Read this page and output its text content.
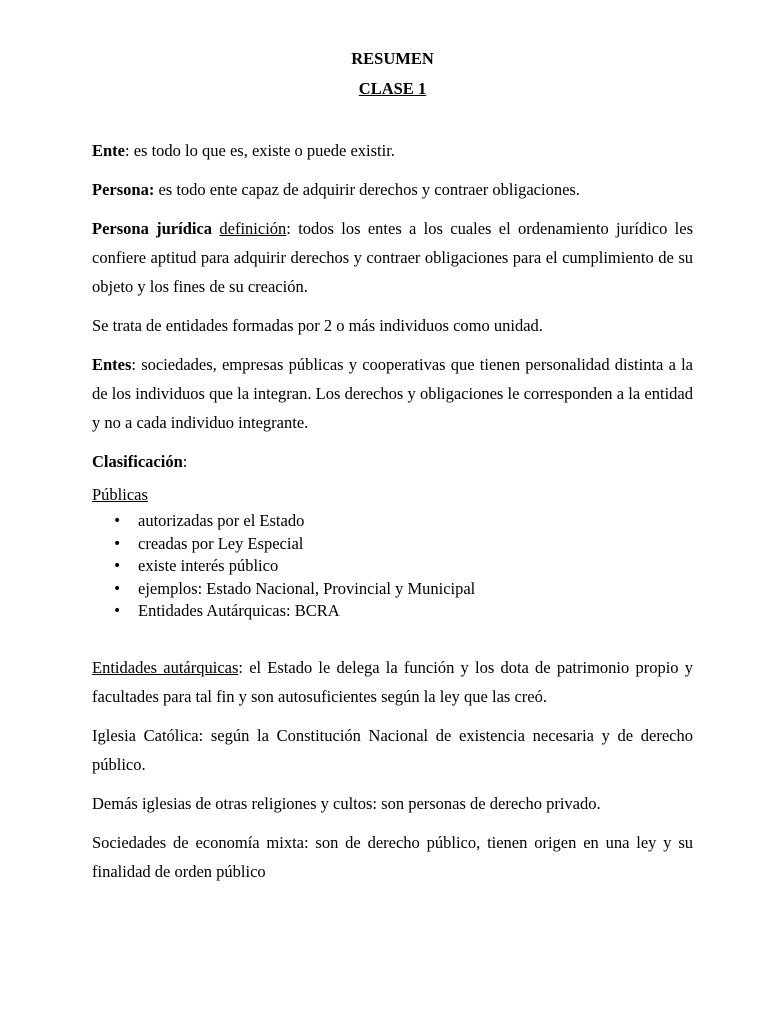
RESUMEN

CLASE 1

Ente: es todo lo que es, existe o puede existir.

Persona: es todo ente capaz de adquirir derechos y contraer obligaciones.

Persona jurídica definición: todos los entes a los cuales el ordenamiento jurídico les confiere aptitud para adquirir derechos y contraer obligaciones para el cumplimiento de su objeto y los fines de su creación.

Se trata de entidades formadas por 2 o más individuos como unidad.

Entes: sociedades, empresas públicas y cooperativas que tienen personalidad distinta a la de los individuos que la integran. Los derechos y obligaciones le corresponden a la entidad y no a cada individuo integrante.

Clasificación:

Públicas

• autorizadas por el Estado
• creadas por Ley Especial
• existe interés público
• ejemplos: Estado Nacional, Provincial y Municipal
• Entidades Autárquicas: BCRA

Entidades autárquicas: el Estado le delega la función y los dota de patrimonio propio y facultades para tal fin y son autosuficientes según la ley que las creó.

Iglesia Católica: según la Constitución Nacional de existencia necesaria y de derecho público.

Demás iglesias de otras religiones y cultos: son personas de derecho privado.

Sociedades de economía mixta: son de derecho público, tienen origen en una ley y su finalidad de orden público
